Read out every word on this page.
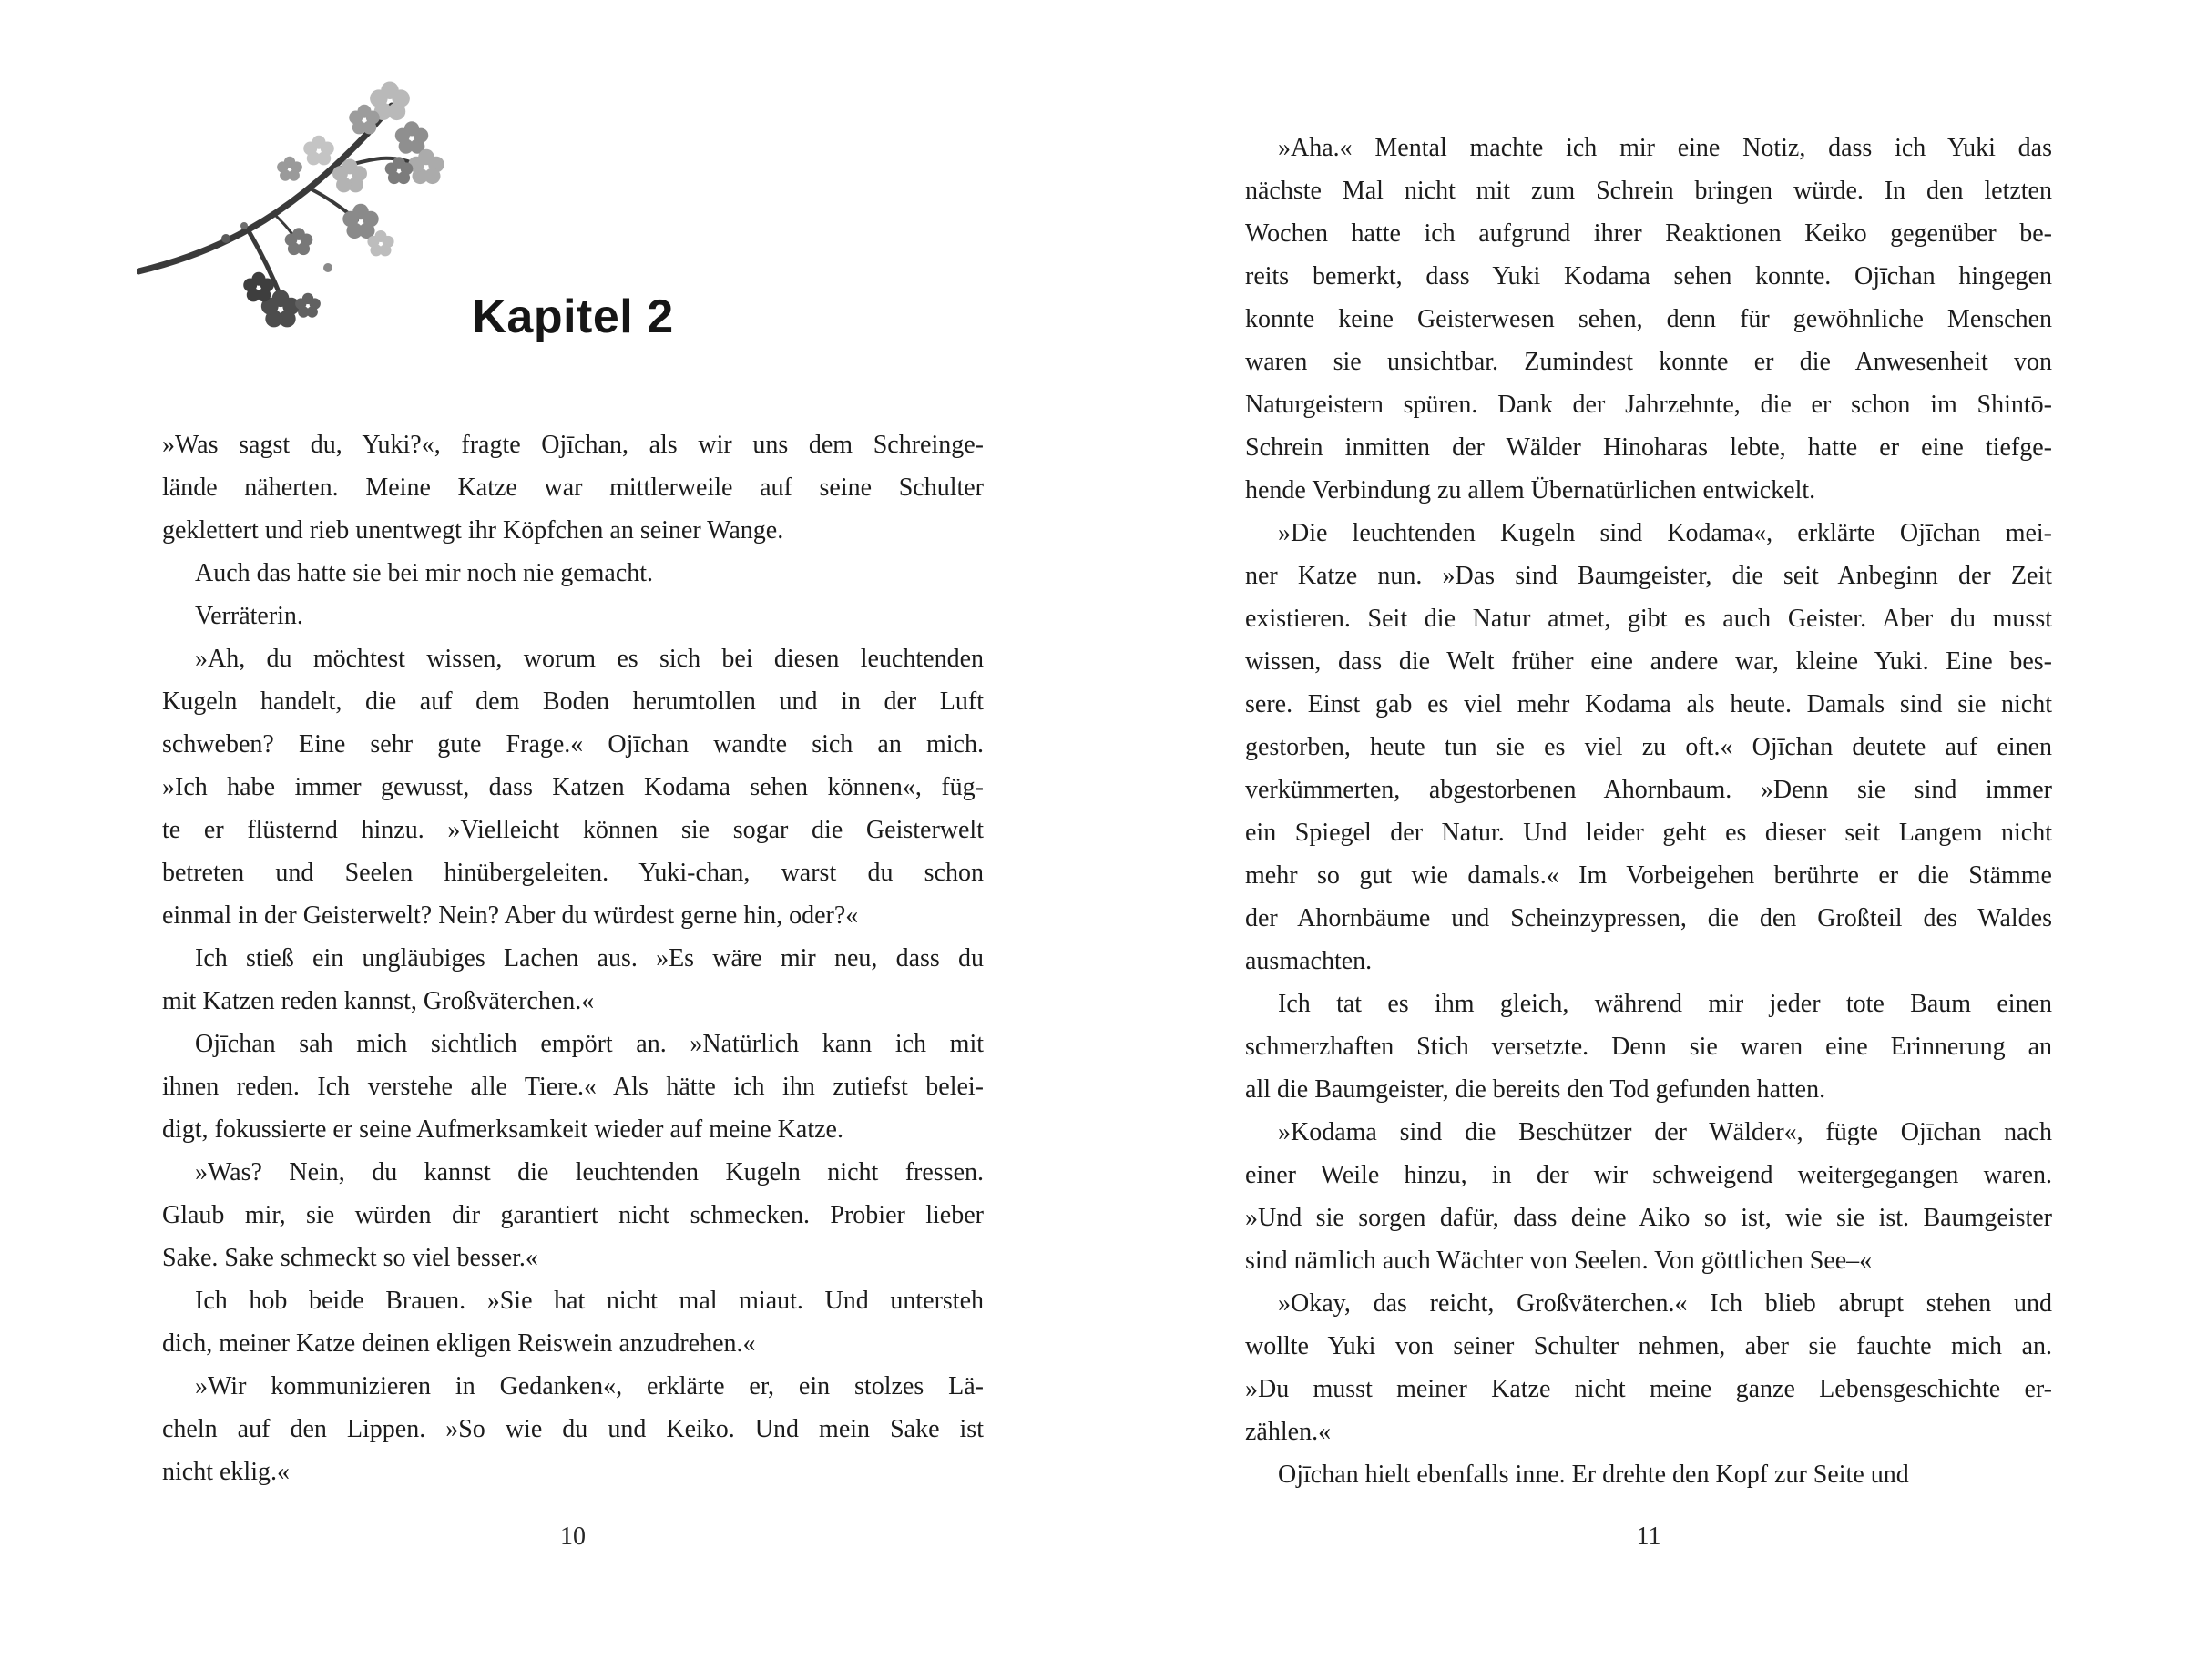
Kapitel 2

»Was sagst du, Yuki?«, fragte Ojīchan, als wir uns dem Schreinge-
lände näherten. Meine Katze war mittlerweile auf seine Schulter
geklettert und rieb unentwegt ihr Köpfchen an seiner Wange.

Auch das hatte sie bei mir noch nie gemacht.

Verräterin.

»Ah, du möchtest wissen, worum es sich bei diesen leuchtenden
Kugeln handelt, die auf dem Boden herumtollen und in der Luft
schweben? Eine sehr gute Frage.« Ojīchan wandte sich an mich.
»Ich habe immer gewusst, dass Katzen Kodama sehen können«, füg-
te er flüsternd hinzu. »Vielleicht können sie sogar die Geisterwelt
betreten und Seelen hinübergeleiten. Yuki-chan, warst du schon
einmal in der Geisterwelt? Nein? Aber du würdest gerne hin, oder?«

Ich stieß ein ungläubiges Lachen aus. »Es wäre mir neu, dass du
mit Katzen reden kannst, Großväterchen.«

Ojīchan sah mich sichtlich empört an. »Natürlich kann ich mit
ihnen reden. Ich verstehe alle Tiere.« Als hätte ich ihn zutiefst belei-
digt, fokussierte er seine Aufmerksamkeit wieder auf meine Katze.

»Was? Nein, du kannst die leuchtenden Kugeln nicht fressen.
Glaub mir, sie würden dir garantiert nicht schmecken. Probier lieber
Sake. Sake schmeckt so viel besser.«

Ich hob beide Brauen. »Sie hat nicht mal miaut. Und untersteh
dich, meiner Katze deinen ekligen Reiswein anzudrehen.«

»Wir kommunizieren in Gedanken«, erklärte er, ein stolzes Lä-
cheln auf den Lippen. »So wie du und Keiko. Und mein Sake ist
nicht eklig.«

10

»Aha.« Mental machte ich mir eine Notiz, dass ich Yuki das
nächste Mal nicht mit zum Schrein bringen würde. In den letzten
Wochen hatte ich aufgrund ihrer Reaktionen Keiko gegenüber be-
reits bemerkt, dass Yuki Kodama sehen konnte. Ojīchan hingegen
konnte keine Geisterwesen sehen, denn für gewöhnliche Menschen
waren sie unsichtbar. Zumindest konnte er die Anwesenheit von
Naturgeistern spüren. Dank der Jahrzehnte, die er schon im Shintō-
Schrein inmitten der Wälder Hinoharas lebte, hatte er eine tiefge-
hende Verbindung zu allem Übernatürlichen entwickelt.

»Die leuchtenden Kugeln sind Kodama«, erklärte Ojīchan mei-
ner Katze nun. »Das sind Baumgeister, die seit Anbeginn der Zeit
existieren. Seit die Natur atmet, gibt es auch Geister. Aber du musst
wissen, dass die Welt früher eine andere war, kleine Yuki. Eine bes-
sere. Einst gab es viel mehr Kodama als heute. Damals sind sie nicht
gestorben, heute tun sie es viel zu oft.« Ojīchan deutete auf einen
verkümmerten, abgestorbenen Ahornbaum. »Denn sie sind immer
ein Spiegel der Natur. Und leider geht es dieser seit Langem nicht
mehr so gut wie damals.« Im Vorbeigehen berührte er die Stämme
der Ahornbäume und Scheinzypressen, die den Großteil des Waldes
ausmachten.

Ich tat es ihm gleich, während mir jeder tote Baum einen
schmerzhaften Stich versetzte. Denn sie waren eine Erinnerung an
all die Baumgeister, die bereits den Tod gefunden hatten.

»Kodama sind die Beschützer der Wälder«, fügte Ojīchan nach
einer Weile hinzu, in der wir schweigend weitergegangen waren.
»Und sie sorgen dafür, dass deine Aiko so ist, wie sie ist. Baumgeister
sind nämlich auch Wächter von Seelen. Von göttlichen See–«

»Okay, das reicht, Großväterchen.« Ich blieb abrupt stehen und
wollte Yuki von seiner Schulter nehmen, aber sie fauchte mich an.
»Du musst meiner Katze nicht meine ganze Lebensgeschichte er-
zählen.«

Ojīchan hielt ebenfalls inne. Er drehte den Kopf zur Seite und

11
